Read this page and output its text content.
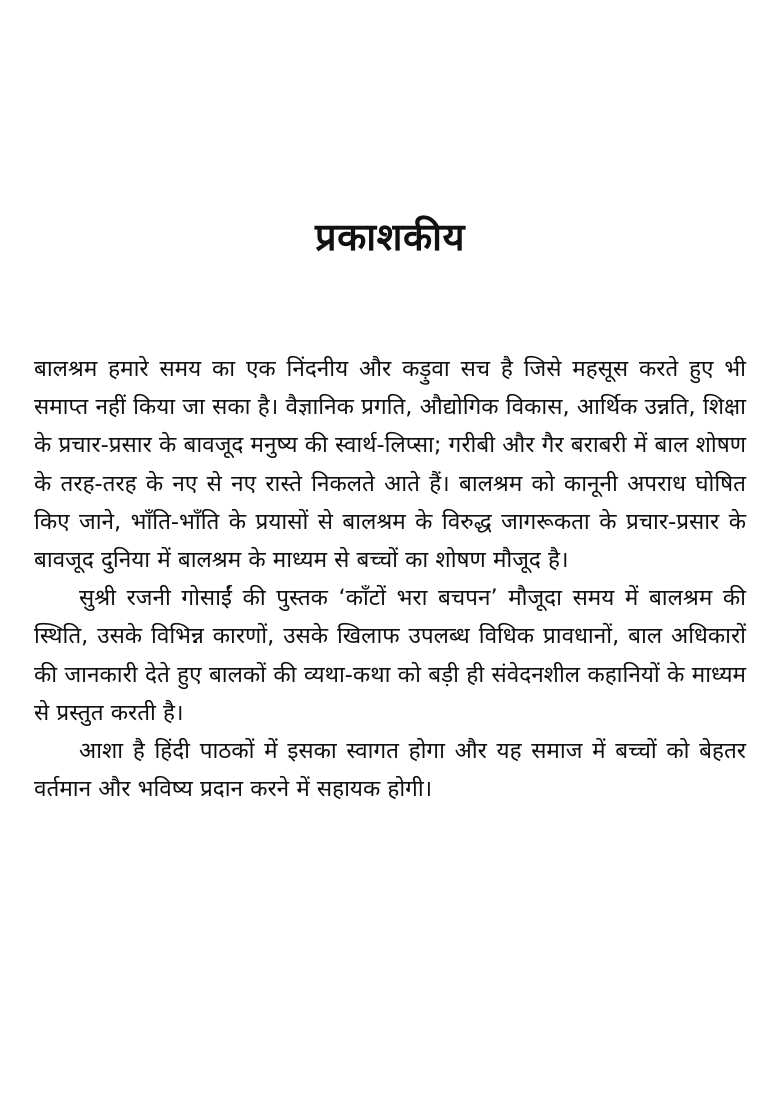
प्रकाशकीय

बालश्रम हमारे समय का एक निंदनीय और कड़ुवा सच है जिसे महसूस करते हुए भी समाप्त नहीं किया जा सका है। वैज्ञानिक प्रगति, औद्योगिक विकास, आर्थिक उन्नति, शिक्षा के प्रचार-प्रसार के बावजूद मनुष्य की स्वार्थ-लिप्सा; गरीबी और गैर बराबरी में बाल शोषण के तरह-तरह के नए से नए रास्ते निकलते आते हैं। बालश्रम को कानूनी अपराध घोषित किए जाने, भाँति-भाँति के प्रयासों से बालश्रम के विरुद्ध जागरूकता के प्रचार-प्रसार के बावजूद दुनिया में बालश्रम के माध्यम से बच्चों का शोषण मौजूद है।

सुश्री रजनी गोसाईं की पुस्तक ‘काँटों भरा बचपन’ मौजूदा समय में बालश्रम की स्थिति, उसके विभिन्न कारणों, उसके खिलाफ उपलब्ध विधिक प्रावधानों, बाल अधिकारों की जानकारी देते हुए बालकों की व्यथा-कथा को बड़ी ही संवेदनशील कहानियों के माध्यम से प्रस्तुत करती है।

आशा है हिंदी पाठकों में इसका स्वागत होगा और यह समाज में बच्चों को बेहतर वर्तमान और भविष्य प्रदान करने में सहायक होगी।
